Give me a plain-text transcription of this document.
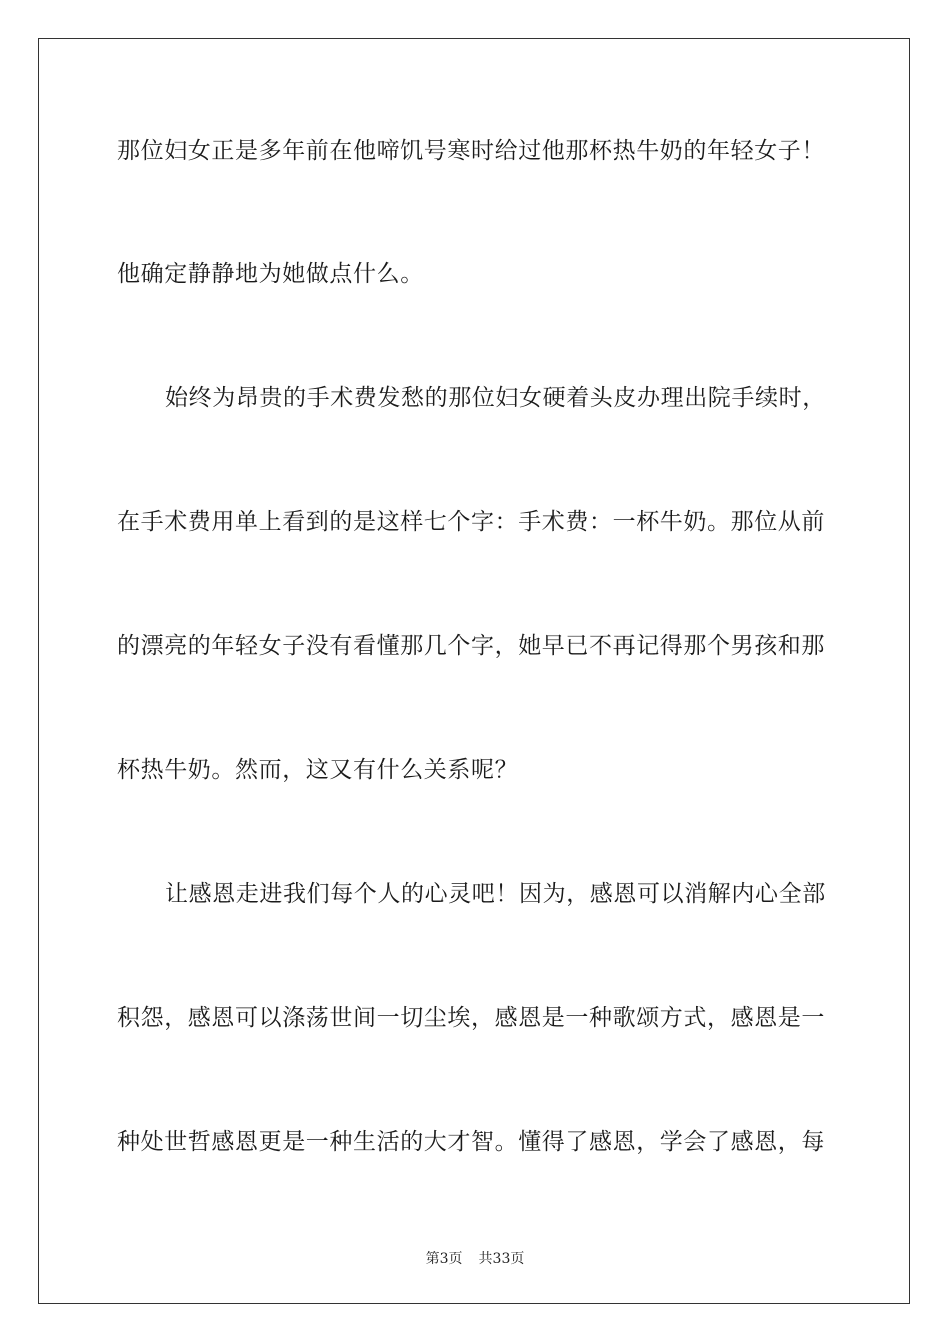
那位妇女正是多年前在他啼饥号寒时给过他那杯热牛奶的年轻女子！
他确定静静地为她做点什么。
始终为昂贵的手术费发愁的那位妇女硬着头皮办理出院手续时，
在手术费用单上看到的是这样七个字：手术费：一杯牛奶。那位从前
的漂亮的年轻女子没有看懂那几个字，她早已不再记得那个男孩和那
杯热牛奶。然而，这又有什么关系呢？
让感恩走进我们每个人的心灵吧！因为，感恩可以消解内心全部
积怨，感恩可以涤荡世间一切尘埃，感恩是一种歌颂方式，感恩是一
种处世哲感恩更是一种生活的大才智。懂得了感恩，学会了感恩，每
第3页 共33页
